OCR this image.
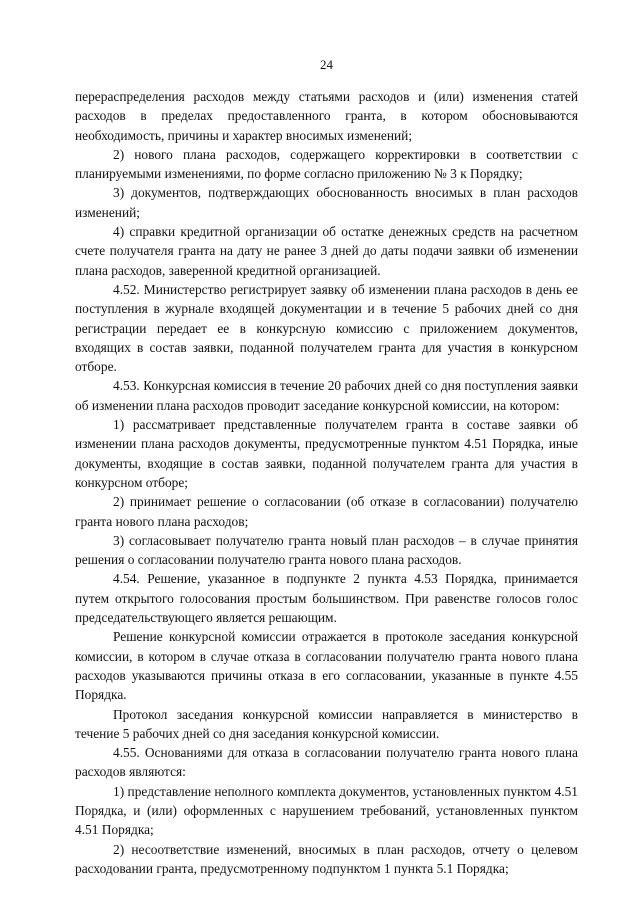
24

перераспределения расходов между статьями расходов и (или) изменения статей расходов в пределах предоставленного гранта, в котором обосновываются необходимость, причины и характер вносимых изменений;

2) нового плана расходов, содержащего корректировки в соответствии с планируемыми изменениями, по форме согласно приложению № 3 к Порядку;

3) документов, подтверждающих обоснованность вносимых в план расходов изменений;

4) справки кредитной организации об остатке денежных средств на расчетном счете получателя гранта на дату не ранее 3 дней до даты подачи заявки об изменении плана расходов, заверенной кредитной организацией.

4.52. Министерство регистрирует заявку об изменении плана расходов в день ее поступления в журнале входящей документации и в течение 5 рабочих дней со дня регистрации передает ее в конкурсную комиссию с приложением документов, входящих в состав заявки, поданной получателем гранта для участия в конкурсном отборе.

4.53. Конкурсная комиссия в течение 20 рабочих дней со дня поступления заявки об изменении плана расходов проводит заседание конкурсной комиссии, на котором:

1) рассматривает представленные получателем гранта в составе заявки об изменении плана расходов документы, предусмотренные пунктом 4.51 Порядка, иные документы, входящие в состав заявки, поданной получателем гранта для участия в конкурсном отборе;

2) принимает решение о согласовании (об отказе в согласовании) получателю гранта нового плана расходов;

3) согласовывает получателю гранта новый план расходов – в случае принятия решения о согласовании получателю гранта нового плана расходов.

4.54. Решение, указанное в подпункте 2 пункта 4.53 Порядка, принимается путем открытого голосования простым большинством. При равенстве голосов голос председательствующего является решающим.

Решение конкурсной комиссии отражается в протоколе заседания конкурсной комиссии, в котором в случае отказа в согласовании получателю гранта нового плана расходов указываются причины отказа в его согласовании, указанные в пункте 4.55 Порядка.

Протокол заседания конкурсной комиссии направляется в министерство в течение 5 рабочих дней со дня заседания конкурсной комиссии.

4.55. Основаниями для отказа в согласовании получателю гранта нового плана расходов являются:

1) представление неполного комплекта документов, установленных пунктом 4.51 Порядка, и (или) оформленных с нарушением требований, установленных пунктом 4.51 Порядка;

2) несоответствие изменений, вносимых в план расходов, отчету о целевом расходовании гранта, предусмотренному подпунктом 1 пункта 5.1 Порядка;
